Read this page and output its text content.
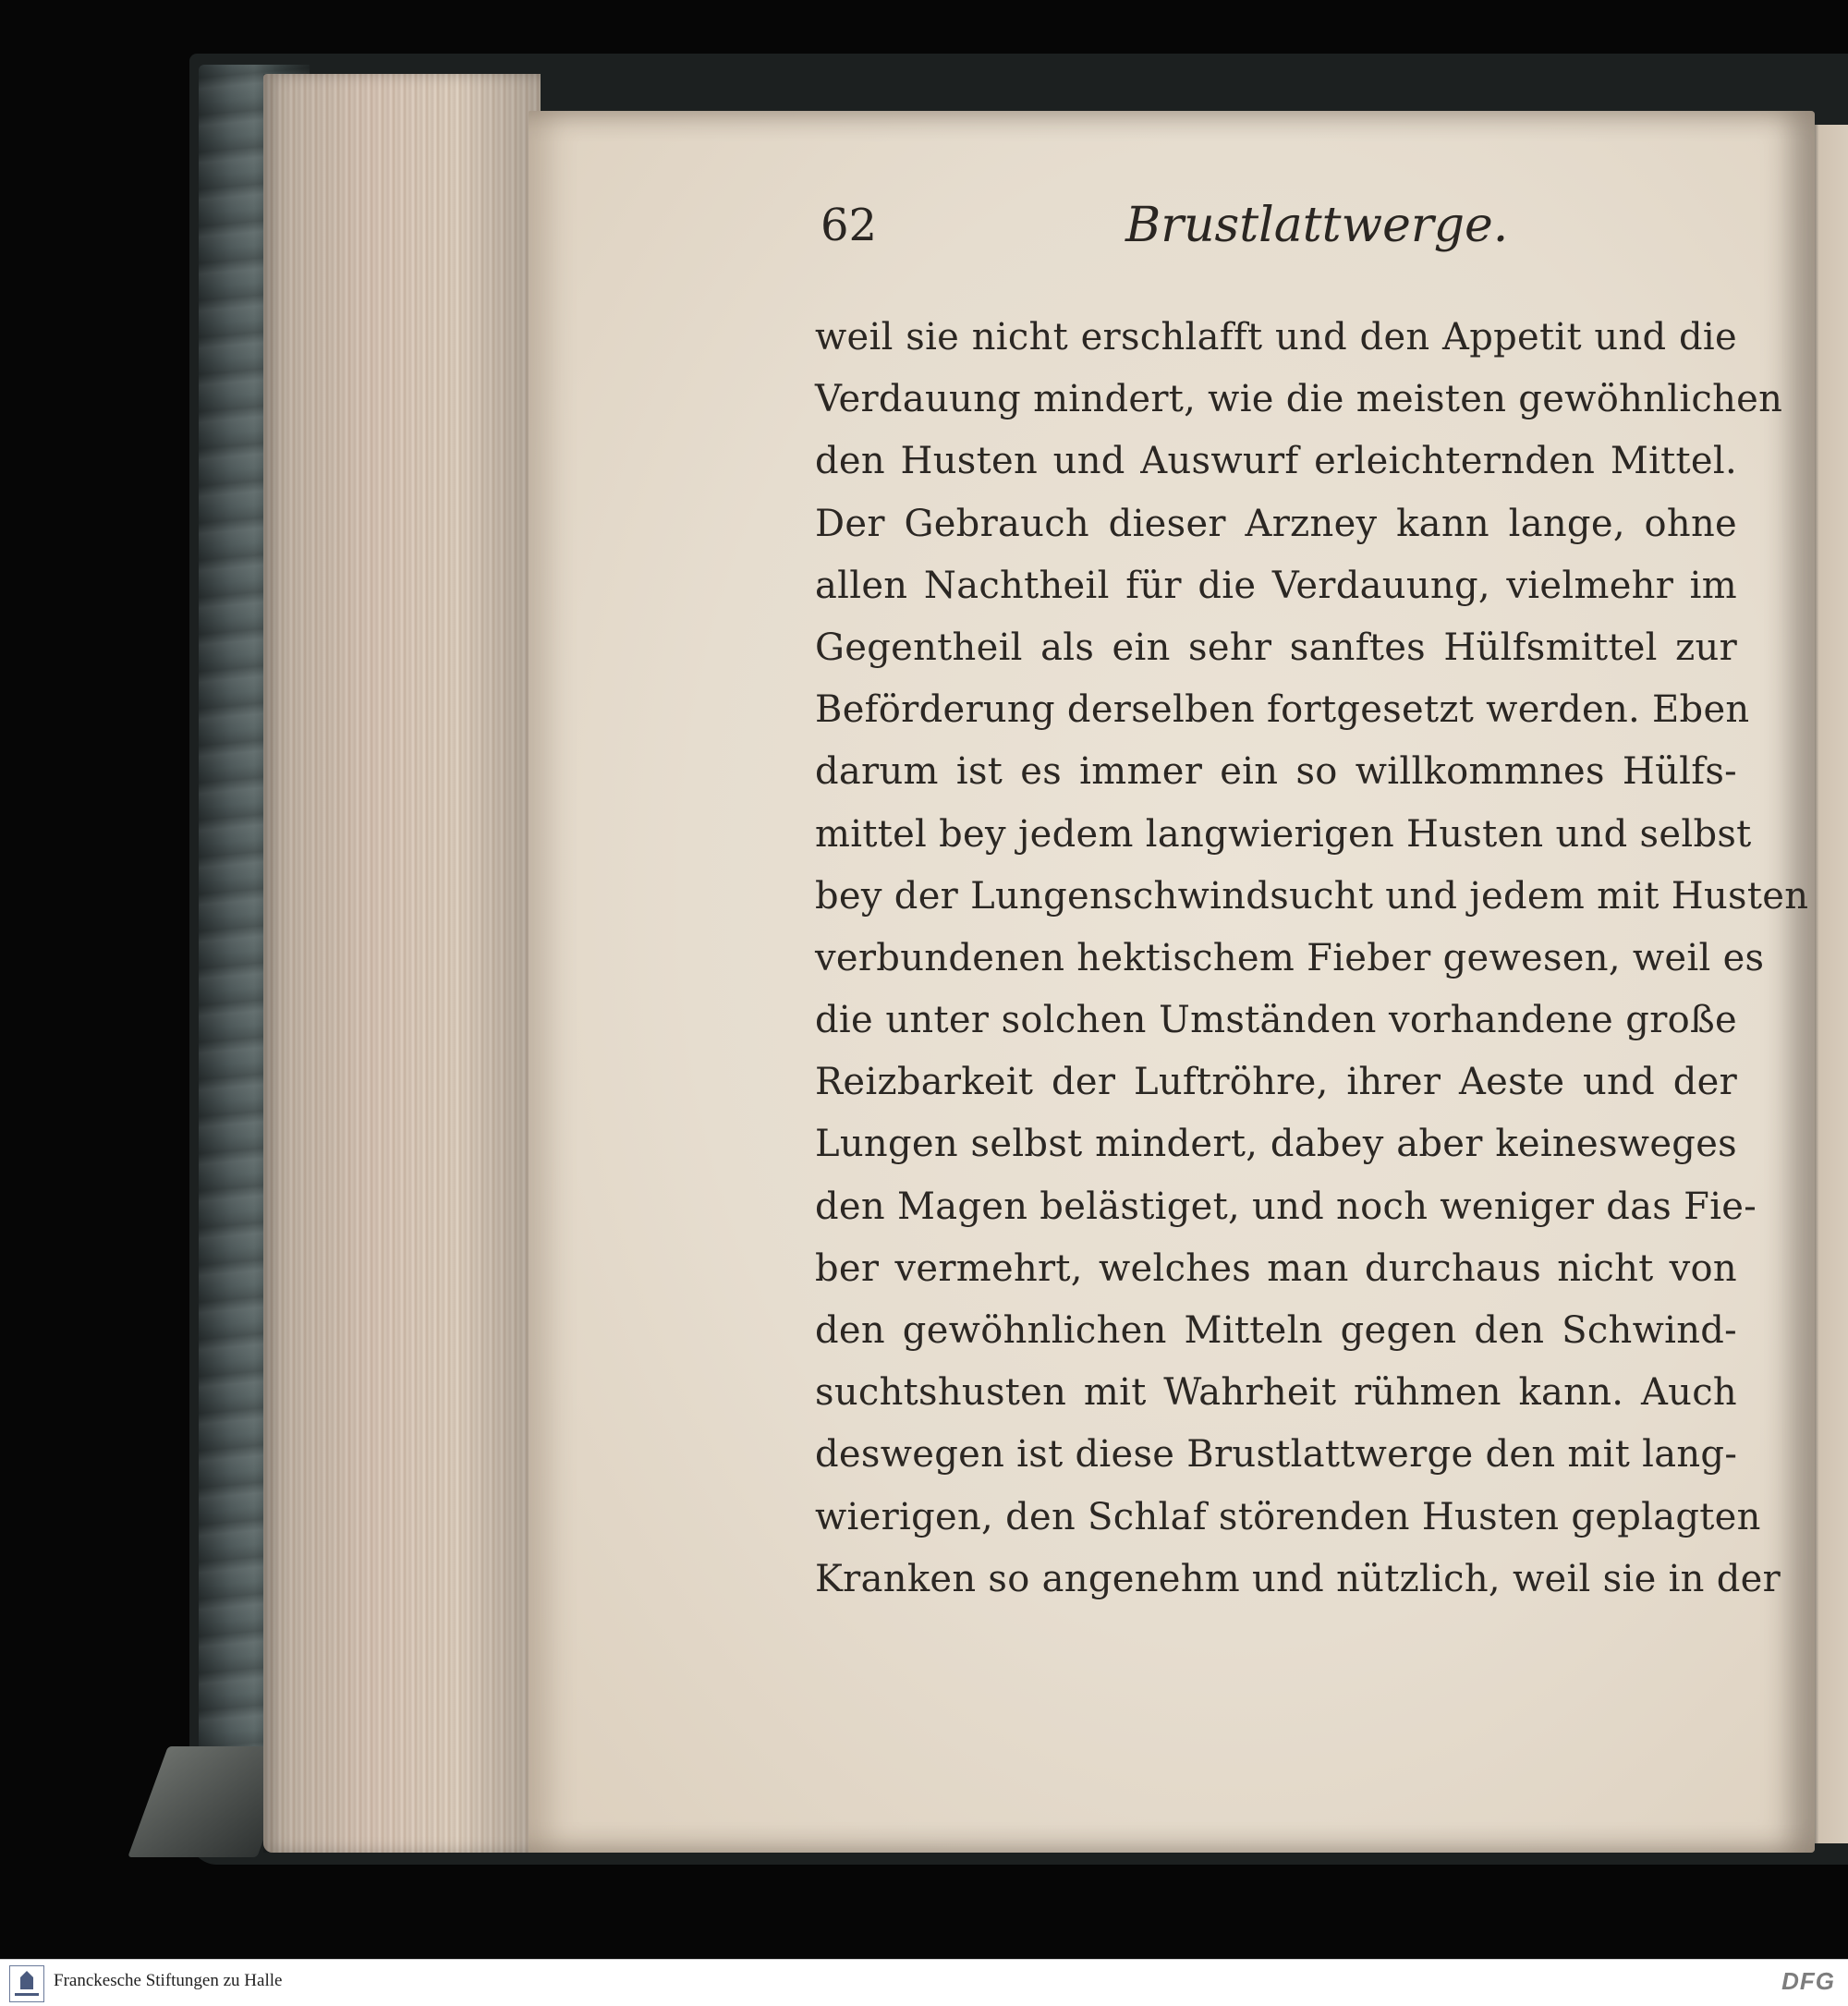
62	Brustlattwerge.
weil sie nicht erschlafft und den Appetit und die
Verdauung mindert, wie die meisten gewöhnlichen
den Husten und Auswurf erleichternden Mittel.
Der Gebrauch dieser Arzney kann lange, ohne
allen Nachtheil für die Verdauung, vielmehr im
Gegentheil als ein sehr sanftes Hülfsmittel zur
Beförderung derselben fortgesetzt werden. Eben
darum ist es immer ein so willkommnes Hülfs-
mittel bey jedem langwierigen Husten und selbst
bey der Lungenschwindsucht und jedem mit Husten
verbundenen hektischem Fieber gewesen, weil es
die unter solchen Umständen vorhandene große
Reizbarkeit der Luftröhre, ihrer Aeste und der
Lungen selbst mindert, dabey aber keinesweges
den Magen belästiget, und noch weniger das Fie-
ber vermehrt, welches man durchaus nicht von
den gewöhnlichen Mitteln gegen den Schwind-
suchtshusten mit Wahrheit rühmen kann. Auch
deswegen ist diese Brustlattwerge den mit lang-
wierigen, den Schlaf störenden Husten geplagten
Kranken so angenehm und nützlich, weil sie in der
Franckesche Stiftungen zu Halle	DFG
